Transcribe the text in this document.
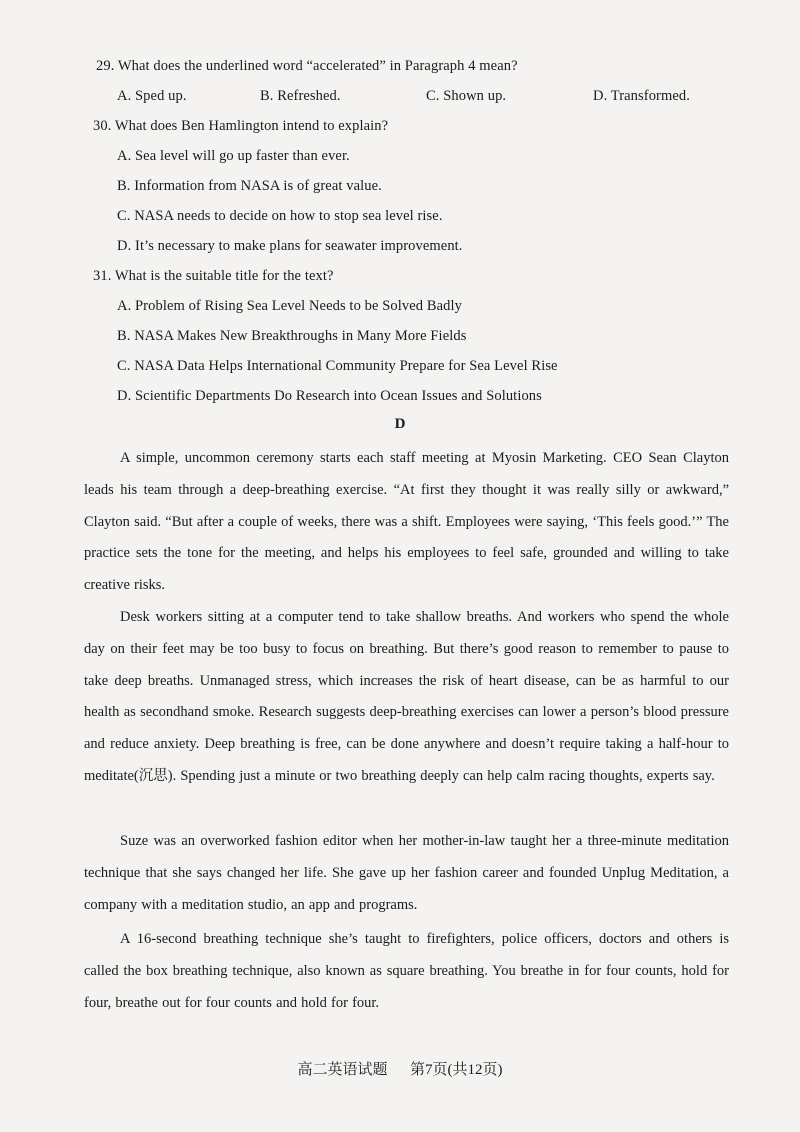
29. What does the underlined word “accelerated” in Paragraph 4 mean?
A. Sped up.	B. Refreshed.	C. Shown up.	D. Transformed.
30. What does Ben Hamlington intend to explain?
A. Sea level will go up faster than ever.
B. Information from NASA is of great value.
C. NASA needs to decide on how to stop sea level rise.
D. It’s necessary to make plans for seawater improvement.
31. What is the suitable title for the text?
A. Problem of Rising Sea Level Needs to be Solved Badly
B. NASA Makes New Breakthroughs in Many More Fields
C. NASA Data Helps International Community Prepare for Sea Level Rise
D. Scientific Departments Do Research into Ocean Issues and Solutions
D
A simple, uncommon ceremony starts each staff meeting at Myosin Marketing. CEO Sean Clayton leads his team through a deep-breathing exercise. “At first they thought it was really silly or awkward,” Clayton said. “But after a couple of weeks, there was a shift. Employees were saying, ‘This feels good.’” The practice sets the tone for the meeting, and helps his employees to feel safe, grounded and willing to take creative risks.
Desk workers sitting at a computer tend to take shallow breaths. And workers who spend the whole day on their feet may be too busy to focus on breathing. But there’s good reason to remember to pause to take deep breaths. Unmanaged stress, which increases the risk of heart disease, can be as harmful to our health as secondhand smoke. Research suggests deep-breathing exercises can lower a person’s blood pressure and reduce anxiety. Deep breathing is free, can be done anywhere and doesn’t require taking a half-hour to meditate(沉思). Spending just a minute or two breathing deeply can help calm racing thoughts, experts say.
Suze was an overworked fashion editor when her mother-in-law taught her a three-minute meditation technique that she says changed her life. She gave up her fashion career and founded Unplug Meditation, a company with a meditation studio, an app and programs.
A 16-second breathing technique she’s taught to firefighters, police officers, doctors and others is called the box breathing technique, also known as square breathing. You breathe in for four counts, hold for four, breathe out for four counts and hold for four.
高二英语试题 第7页(共12页)
